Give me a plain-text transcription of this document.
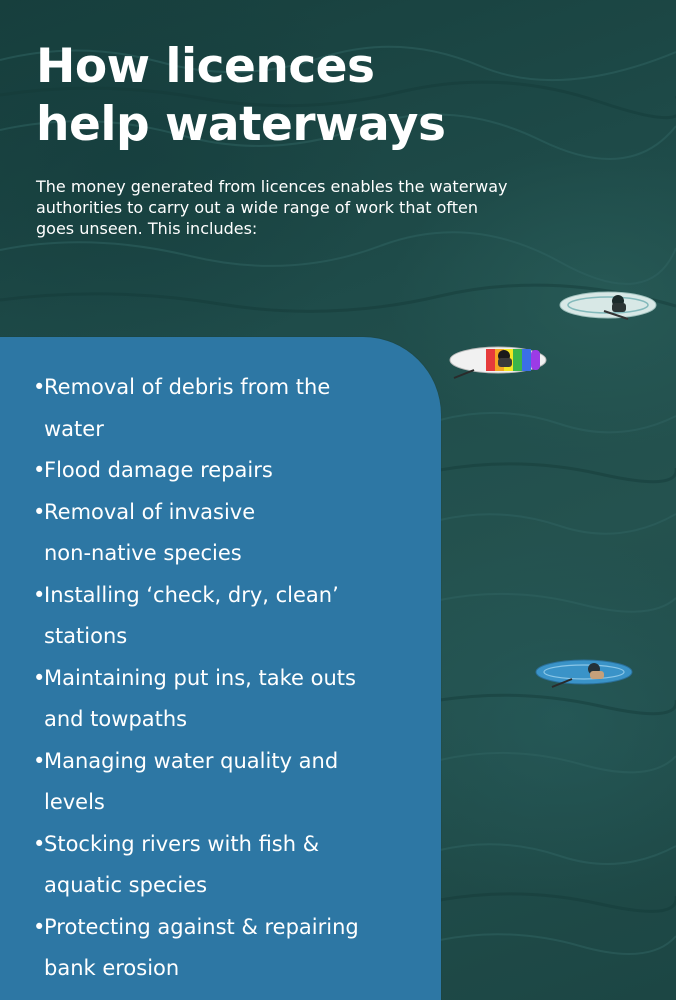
How licences
help waterways

The money generated from licences enables the waterway authorities to carry out a wide range of work that often goes unseen. This includes:

• Removal of debris from the
water
• Flood damage repairs
• Removal of invasive
non-native species
• Installing ‘check, dry, clean’
stations
• Maintaining put ins, take outs
and towpaths
• Managing water quality and
levels
• Stocking rivers with fish &
aquatic species
• Protecting against & repairing
bank erosion
